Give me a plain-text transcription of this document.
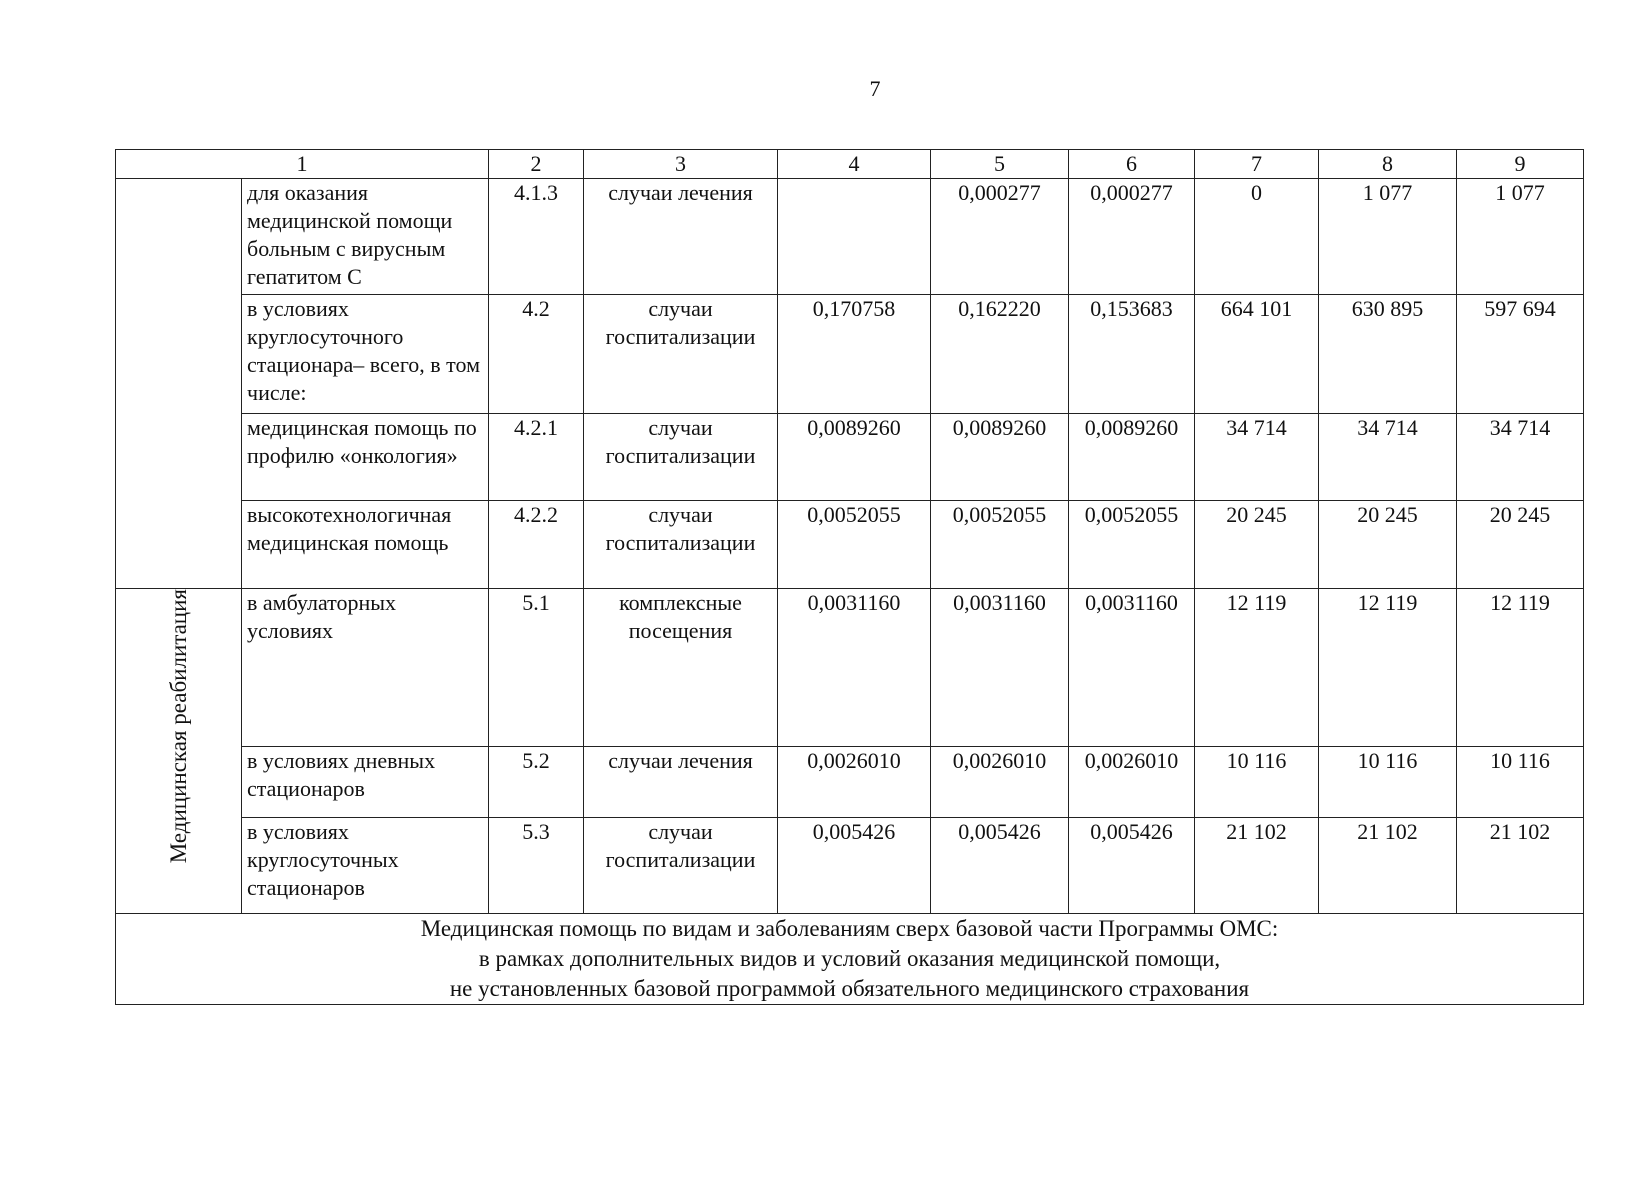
7
1		2	3	4	5	6	7	8	9
	для оказания медицинской помощи больным с вирусным гепатитом С	4.1.3	случаи лечения		0,000277	0,000277	0	1 077	1 077
	в условиях круглосуточного стационара– всего, в том числе:	4.2	случаи госпитализации	0,170758	0,162220	0,153683	664 101	630 895	597 694
	медицинская помощь по профилю «онкология»	4.2.1	случаи госпитализации	0,0089260	0,0089260	0,0089260	34 714	34 714	34 714
	высокотехнологичная медицинская помощь	4.2.2	случаи госпитализации	0,0052055	0,0052055	0,0052055	20 245	20 245	20 245

Медицинская реабилитация	в амбулаторных условиях	5.1	комплексные посещения	0,0031160	0,0031160	0,0031160	12 119	12 119	12 119
	в условиях дневных стационаров	5.2	случаи лечения	0,0026010	0,0026010	0,0026010	10 116	10 116	10 116
	в условиях круглосуточных стационаров	5.3	случаи госпитализации	0,005426	0,005426	0,005426	21 102	21 102	21 102

Медицинская помощь по видам и заболеваниям сверх базовой части Программы ОМС:
в рамках дополнительных видов и условий оказания медицинской помощи,
не установленных базовой программой обязательного медицинского страхования									
